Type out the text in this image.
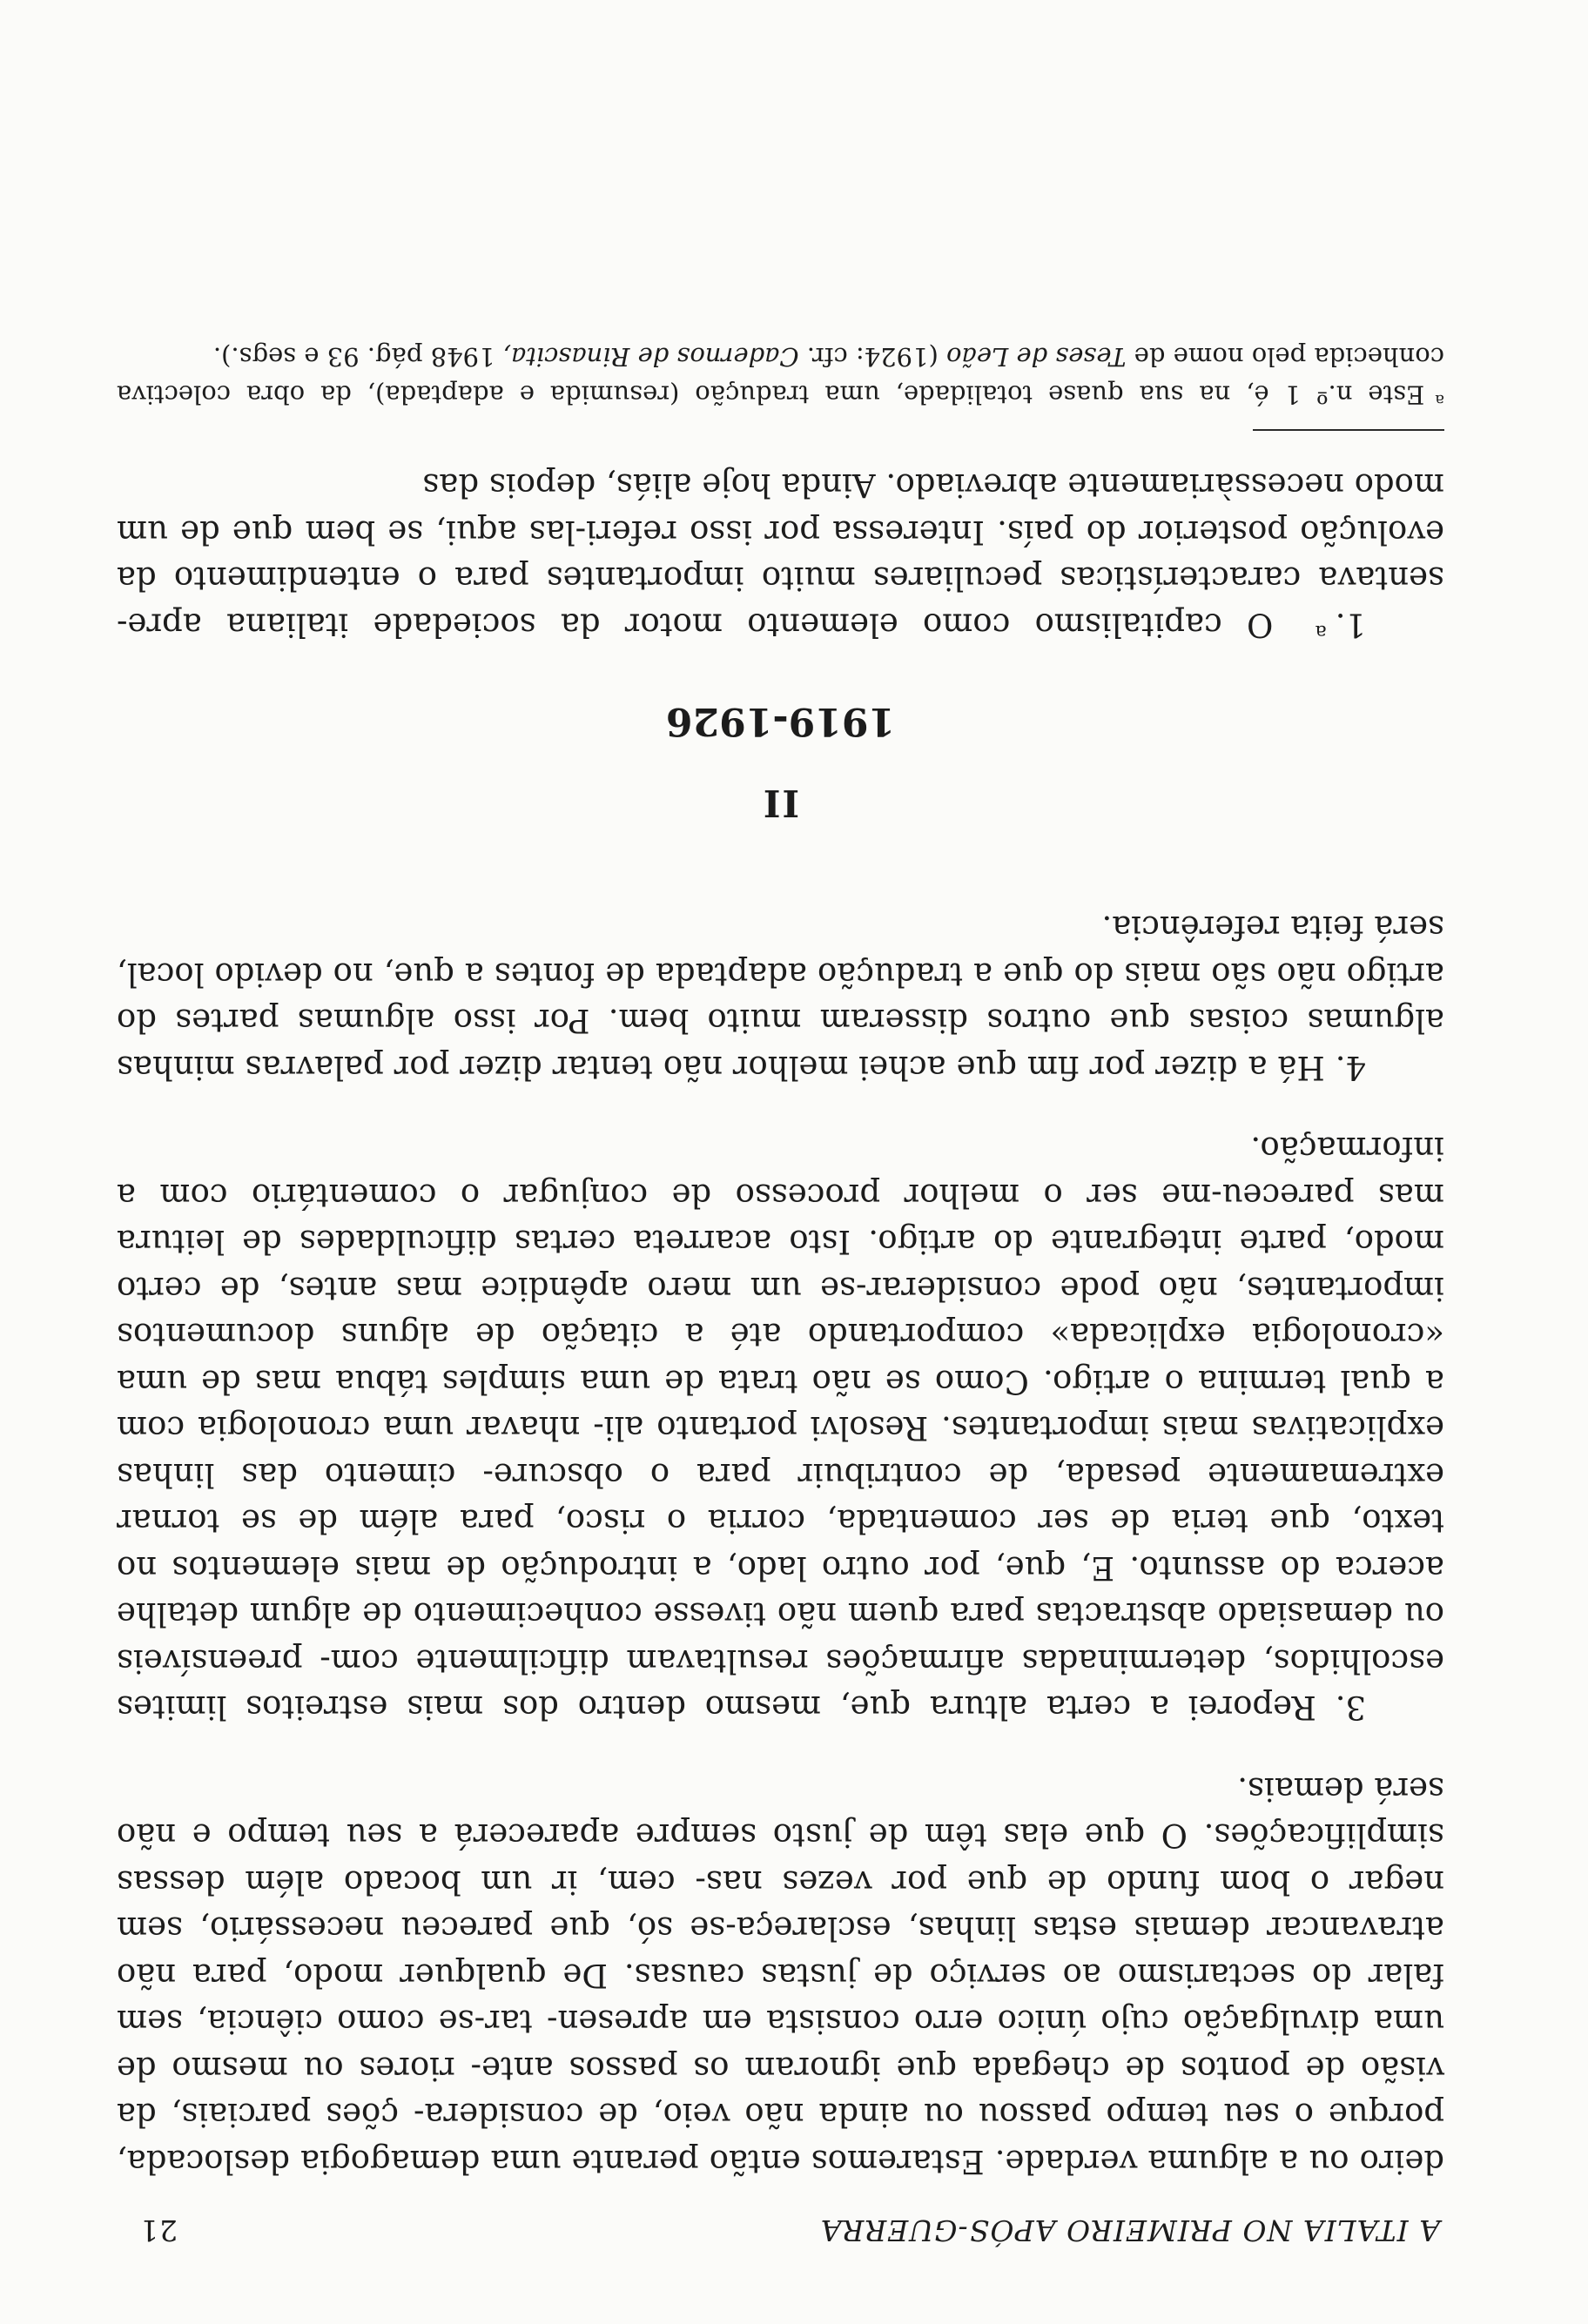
A ITALIA NO PRIMEIRO APÓS-GUERRA
21

deiro ou a alguma verdade. Estaremos então perante uma demagogia deslocada, porque o seu tempo passou ou ainda não veio, de considera- ções parciais, da visão de pontos de chegada que ignoram os passos ante- riores ou mesmo de uma divulgação cujo único erro consista em apresen- tar-se como ciência, sem falar do sectarismo ao serviço de justas causas. De qualquer modo, para não atravancar demais estas linhas, esclareça-se só, que pareceu necessário, sem negar o bom fundo de que por vezes nas- cem, ir um bocado além dessas simplificações. O que elas têm de justo sempre aparecerá a seu tempo e não será demais.

3. Reporei a certa altura que, mesmo dentro dos mais estreitos limites escolhidos, determinadas afirmações resultavam dificilmente com- preensíveis ou demasiado abstractas para quem não tivesse conhecimento de algum detalhe acerca do assunto. E, que, por outro lado, a introdução de mais elementos no texto, que teria de ser comentada, corria o risco, para além de se tornar extremamente pesada, de contribuir para o obscure- cimento das linhas explicativas mais importantes. Resolvi portanto ali- nhavar uma cronologia com a qual termina o artigo. Como se não trata de uma simples tábua mas de uma «cronologia explicada» comportando até a citação de alguns documentos importantes, não pode considerar-se um mero apêndice mas antes, de certo modo, parte integrante do artigo. Isto acarreta certas dificuldades de leitura mas pareceu-me ser o melhor processo de conjugar o comentário com a informação.

4. Há a dizer por fim que achei melhor não tentar dizer por palavras minhas algumas coisas que outros disseram muito bem. Por isso algumas partes do artigo não são mais do que a tradução adaptada de fontes a que, no devido local, será feita referência.

II
1919-1926

1.$^a$ O capitalismo como elemento motor da sociedade italiana apre- sentava características peculiares muito importantes para o entendimento da evolução posterior do país. Interessa por isso referi-las aqui, se bem que de um modo necessàriamente abreviado. Ainda hoje aliás, depois das

$^a$Este n.º 1 é, na sua quase totalidade, uma tradução (resumida e adaptada), da obra colectiva conhecida pelo nome de Teses de Leão (1924: cfr. Cadernos de Rinascita, 1948 pág. 93 e segs.).
